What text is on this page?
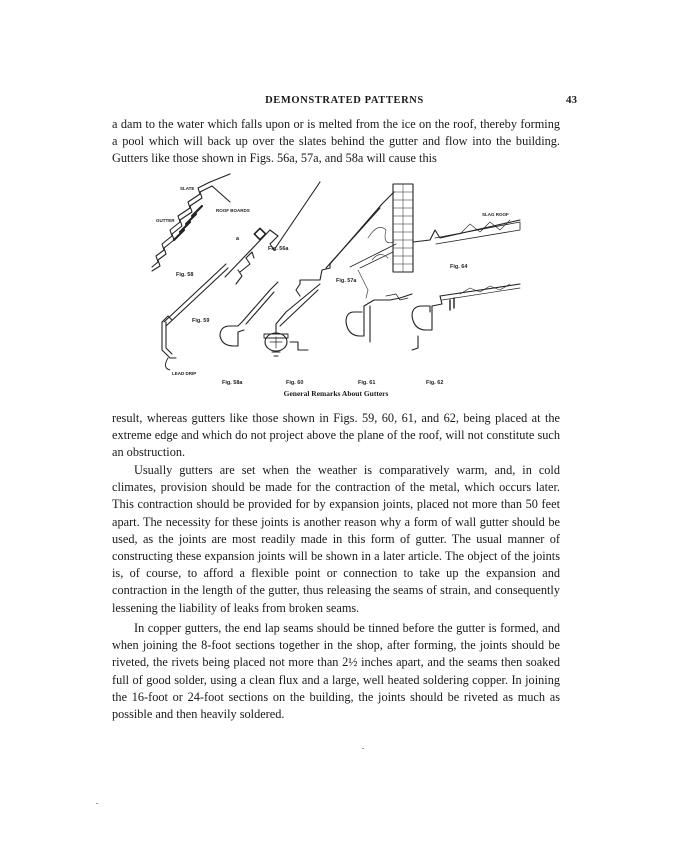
DEMONSTRATED PATTERNS	43

a dam to the water which falls upon or is melted from the ice on the roof, thereby forming a pool which will back up over the slates behind the gutter and flow into the building. Gutters like those shown in Figs. 56a, 57a, and 58a will cause this

SLATE
ROOF BOARDS
GUTTER
a
Fig. 56a
Fig. 58
SLAG ROOF
Fig. 64
Fig. 57a
Fig. 59
LEAD DRIP
Fig. 58a	Fig. 60	Fig. 61	Fig. 62
General Remarks About Gutters

result, whereas gutters like those shown in Figs. 59, 60, 61, and 62, being placed at the extreme edge and which do not project above the plane of the roof, will not constitute such an obstruction.

Usually gutters are set when the weather is comparatively warm, and, in cold climates, provision should be made for the contraction of the metal, which occurs later. This contraction should be provided for by expansion joints, placed not more than 50 feet apart. The necessity for these joints is another reason why a form of wall gutter should be used, as the joints are most readily made in this form of gutter. The usual manner of constructing these expansion joints will be shown in a later article. The object of the joints is, of course, to afford a flexible point or connection to take up the expansion and contraction in the length of the gutter, thus releasing the seams of strain, and consequently lessening the liability of leaks from broken seams.

In copper gutters, the end lap seams should be tinned before the gutter is formed, and when joining the 8-foot sections together in the shop, after forming, the joints should be riveted, the rivets being placed not more than 2½ inches apart, and the seams then soaked full of good solder, using a clean flux and a large, well heated soldering copper. In joining the 16-foot or 24-foot sections on the building, the joints should be riveted as much as possible and then heavily soldered.
